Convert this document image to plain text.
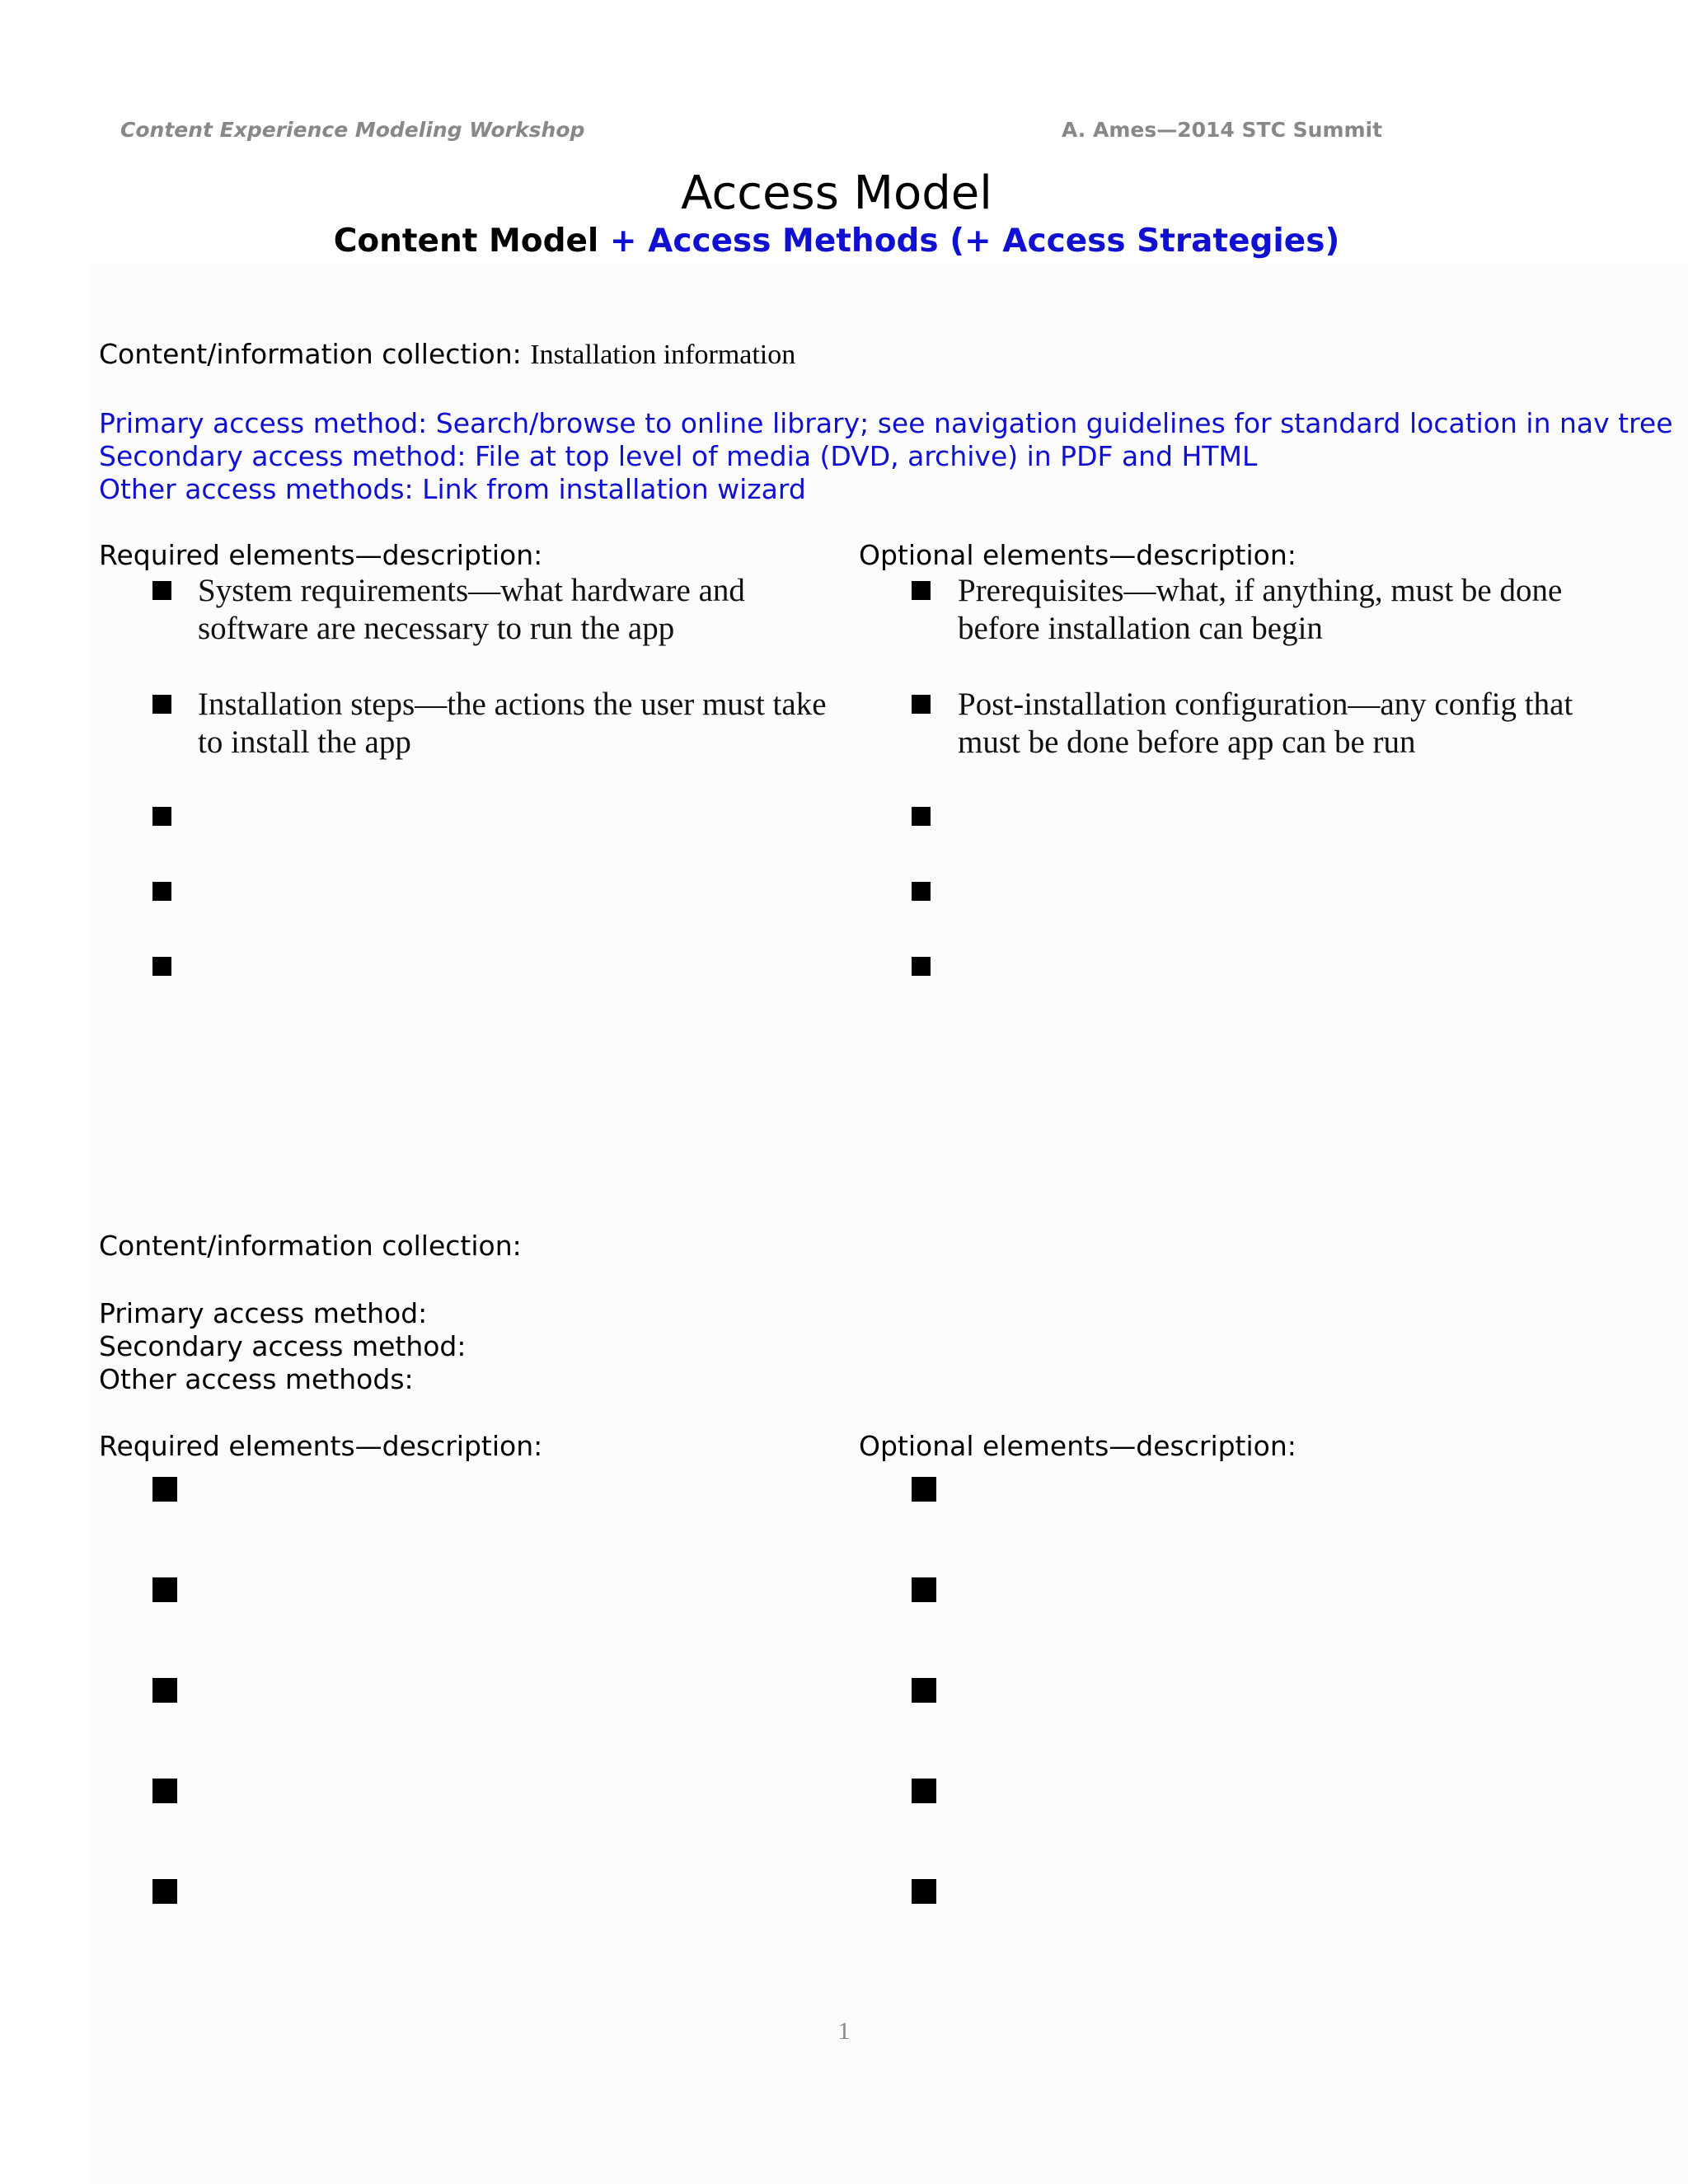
Content Experience Modeling Workshop	A. Ames—2014 STC Summit
Access Model
Content Model + Access Methods (+ Access Strategies)
Content/information collection: Installation information
Primary access method: Search/browse to online library; see navigation guidelines for standard location in nav tree
Secondary access method: File at top level of media (DVD, archive) in PDF and HTML
Other access methods: Link from installation wizard
Required elements—description:	Optional elements—description:
System requirements—what hardware and software are necessary to run the app
Installation steps—the actions the user must take to install the app
Prerequisites—what, if anything, must be done before installation can begin
Post-installation configuration—any config that must be done before app can be run
Content/information collection:
Primary access method:
Secondary access method:
Other access methods:
Required elements—description:	Optional elements—description:
1
